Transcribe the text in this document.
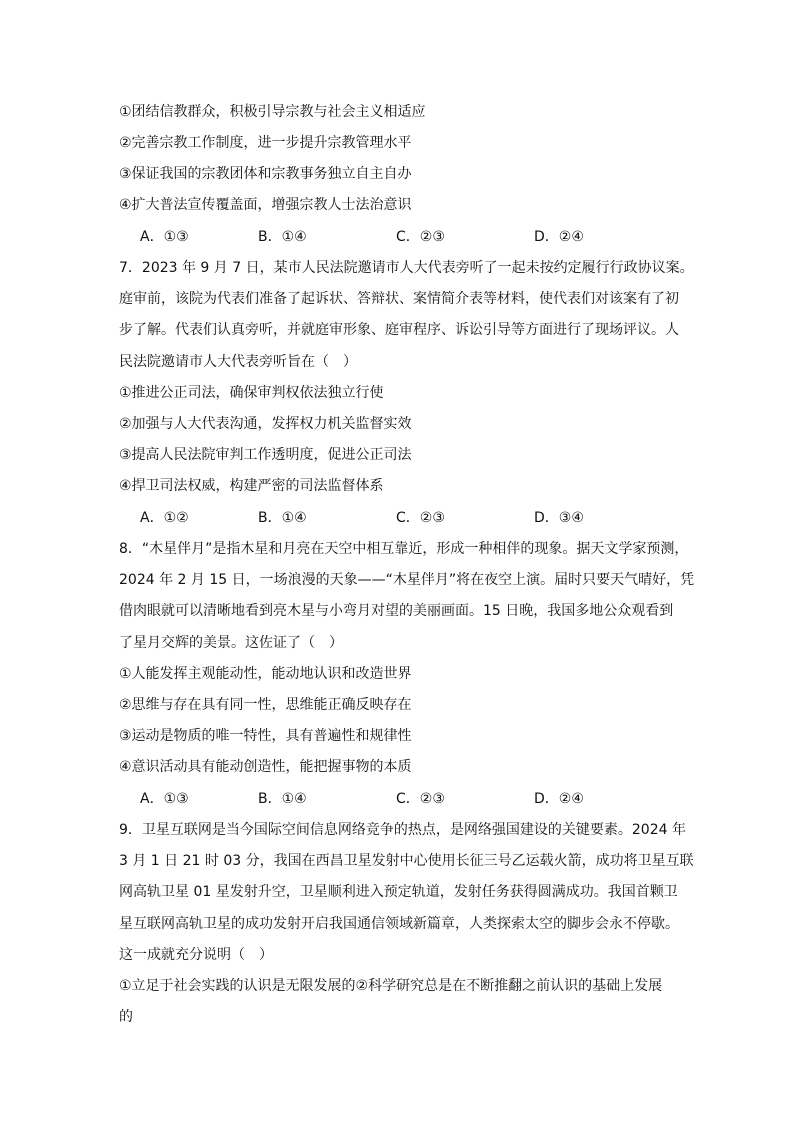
①团结信教群众，积极引导宗教与社会主义相适应
②完善宗教工作制度，进一步提升宗教管理水平
③保证我国的宗教团体和宗教事务独立自主自办
④扩大普法宣传覆盖面，增强宗教人士法治意识
A．①③	B．①④	C．②③	D．②④
7．2023 年 9 月 7 日，某市人民法院邀请市人大代表旁听了一起未按约定履行行政协议案。
庭审前，该院为代表们准备了起诉状、答辩状、案情简介表等材料，使代表们对该案有了初
步了解。代表们认真旁听，并就庭审形象、庭审程序、诉讼引导等方面进行了现场评议。人
民法院邀请市人大代表旁听旨在（　）
①推进公正司法，确保审判权依法独立行使
②加强与人大代表沟通，发挥权力机关监督实效
③提高人民法院审判工作透明度，促进公正司法
④捍卫司法权威，构建严密的司法监督体系
A．①②	B．①④	C．②③	D．③④
8．“木星伴月”是指木星和月亮在天空中相互靠近，形成一种相伴的现象。据天文学家预测，
2024 年 2 月 15 日，一场浪漫的天象——“木星伴月”将在夜空上演。届时只要天气晴好，凭
借肉眼就可以清晰地看到亮木星与小弯月对望的美丽画面。15 日晚，我国多地公众观看到
了星月交辉的美景。这佐证了（　）
①人能发挥主观能动性，能动地认识和改造世界
②思维与存在具有同一性，思维能正确反映存在
③运动是物质的唯一特性，具有普遍性和规律性
④意识活动具有能动创造性，能把握事物的本质
A．①③	B．①④	C．②③	D．②④
9．卫星互联网是当今国际空间信息网络竞争的热点，是网络强国建设的关键要素。2024 年
3 月 1 日 21 时 03 分，我国在西昌卫星发射中心使用长征三号乙运载火箭，成功将卫星互联
网高轨卫星 01 星发射升空，卫星顺利进入预定轨道，发射任务获得圆满成功。我国首颗卫
星互联网高轨卫星的成功发射开启我国通信领域新篇章，人类探索太空的脚步会永不停歇。
这一成就充分说明（　）
①立足于社会实践的认识是无限发展的②科学研究总是在不断推翻之前认识的基础上发展
的
